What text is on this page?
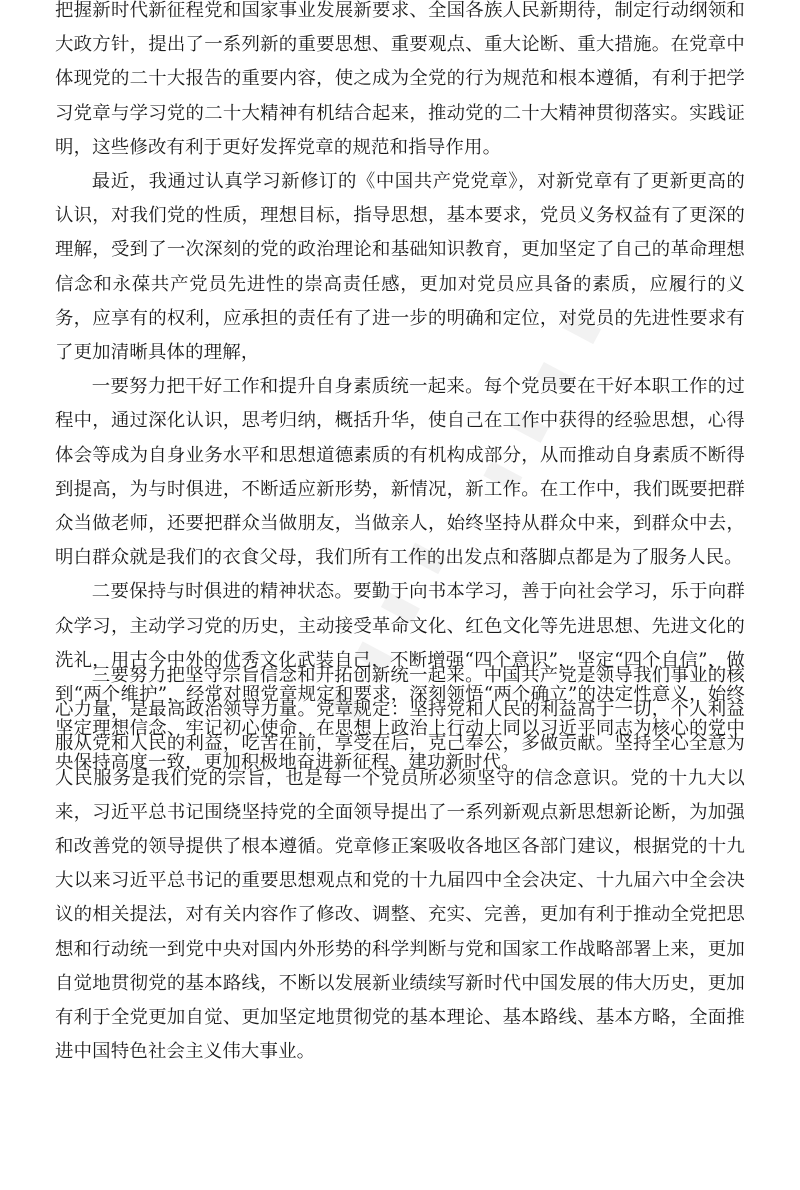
▮ ▮ ▮ ▮
▮ ▮ ▮ ▮

把握新时代新征程党和国家事业发展新要求、全国各族人民新期待，制定行动纲领和大政方针，提出了一系列新的重要思想、重要观点、重大论断、重大措施。在党章中体现党的二十大报告的重要内容，使之成为全党的行为规范和根本遵循，有利于把学习党章与学习党的二十大精神有机结合起来，推动党的二十大精神贯彻落实。实践证明，这些修改有利于更好发挥党章的规范和指导作用。

最近，我通过认真学习新修订的《中国共产党党章》，对新党章有了更新更高的认识，对我们党的性质，理想目标，指导思想，基本要求，党员义务权益有了更深的理解，受到了一次深刻的党的政治理论和基础知识教育，更加坚定了自己的革命理想信念和永葆共产党员先进性的崇高责任感，更加对党员应具备的素质，应履行的义务，应享有的权利，应承担的责任有了进一步的明确和定位，对党员的先进性要求有了更加清晰具体的理解，

一要努力把干好工作和提升自身素质统一起来。每个党员要在干好本职工作的过程中，通过深化认识，思考归纳，概括升华，使自己在工作中获得的经验思想，心得体会等成为自身业务水平和思想道德素质的有机构成部分，从而推动自身素质不断得到提高，为与时俱进，不断适应新形势，新情况，新工作。在工作中，我们既要把群众当做老师，还要把群众当做朋友，当做亲人，始终坚持从群众中来，到群众中去，明白群众就是我们的衣食父母，我们所有工作的出发点和落脚点都是为了服务人民。

二要保持与时俱进的精神状态。要勤于向书本学习，善于向社会学习，乐于向群众学习，主动学习党的历史，主动接受革命文化、红色文化等先进思想、先进文化的洗礼，用古今中外的优秀文化武装自己，不断增强“四个意识”，坚定“四个自信”，做到“两个维护”，经常对照党章规定和要求，深刻领悟“两个确立”的决定性意义，始终坚定理想信念、牢记初心使命，在思想上政治上行动上同以习近平同志为核心的党中央保持高度一致，更加积极地奋进新征程、建功新时代。

三要努力把坚守宗旨信念和开拓创新统一起来。中国共产党是领导我们事业的核心力量，是最高政治领导力量。党章规定：坚持党和人民的利益高于一切，个人利益服从党和人民的利益，吃苦在前，享受在后，克己奉公，多做贡献。坚持全心全意为人民服务是我们党的宗旨，也是每一个党员所必须坚守的信念意识。党的十九大以来，习近平总书记围绕坚持党的全面领导提出了一系列新观点新思想新论断，为加强和改善党的领导提供了根本遵循。党章修正案吸收各地区各部门建议，根据党的十九大以来习近平总书记的重要思想观点和党的十九届四中全会决定、十九届六中全会决议的相关提法，对有关内容作了修改、调整、充实、完善，更加有利于推动全党把思想和行动统一到党中央对国内外形势的科学判断与党和国家工作战略部署上来，更加自觉地贯彻党的基本路线，不断以发展新业绩续写新时代中国发展的伟大历史，更加有利于全党更加自觉、更加坚定地贯彻党的基本理论、基本路线、基本方略，全面推进中国特色社会主义伟大事业。
